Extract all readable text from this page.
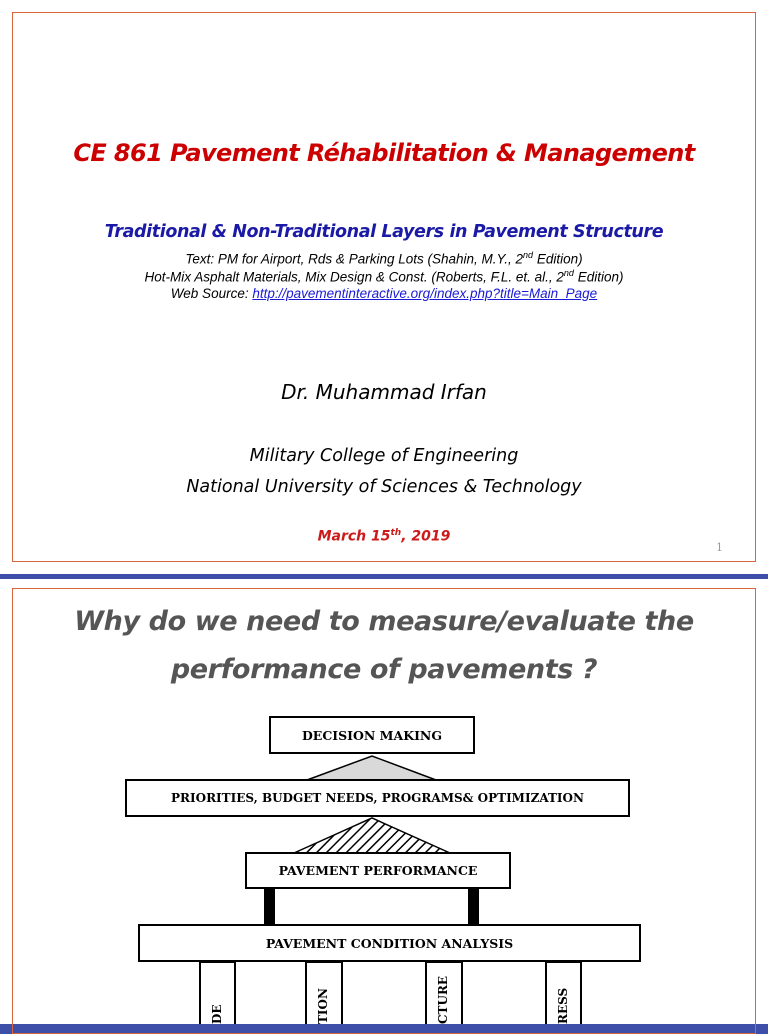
CE 861 Pavement Réhabilitation & Management
Traditional & Non-Traditional Layers in Pavement Structure
Text: PM for Airport, Rds & Parking Lots (Shahin, M.Y., 2nd Edition)
Hot-Mix Asphalt Materials, Mix Design & Const. (Roberts, F.L. et. al., 2nd Edition)
Web Source: http://pavementinteractive.org/index.php?title=Main_Page
Dr. Muhammad Irfan
Military College of Engineering
National University of Sciences & Technology
March 15th, 2019
1
Why do we need to measure/evaluate the
performance of pavements ?
DECISION MAKING
PRIORITIES, BUDGET NEEDS, PROGRAMS& OPTIMIZATION
PAVEMENT PERFORMANCE
PAVEMENT CONDITION ANALYSIS
DE	TION	CTURE	RESS
